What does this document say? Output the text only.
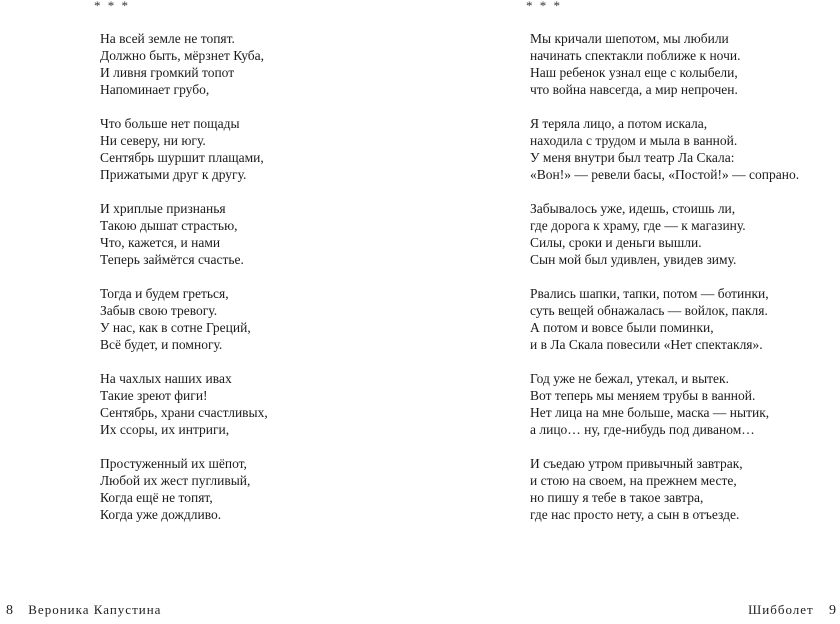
* * *
На всей земле не топят.
Должно быть, мёрзнет Куба,
И ливня громкий топот
Напоминает грубо,
Что больше нет пощады
Ни северу, ни югу.
Сентябрь шуршит плащами,
Прижатыми друг к другу.
И хриплые признанья
Такою дышат страстью,
Что, кажется, и нами
Теперь займётся счастье.
Тогда и будем греться,
Забыв свою тревогу.
У нас, как в сотне Греций,
Всё будет, и помногу.
На чахлых наших ивах
Такие зреют фиги!
Сентябрь, храни счастливых,
Их ссоры, их интриги,
Простуженный их шёпот,
Любой их жест пугливый,
Когда ещё не топят,
Когда уже дождливо.
8 Вероника Капустина
* * *
Мы кричали шепотом, мы любили
начинать спектакли поближе к ночи.
Наш ребенок узнал еще с колыбели,
что война навсегда, а мир непрочен.
Я теряла лицо, а потом искала,
находила с трудом и мыла в ванной.
У меня внутри был театр Ла Скала:
«Вон!» — ревели басы, «Постой!» — сопрано.
Забывалось уже, идешь, стоишь ли,
где дорога к храму, где — к магазину.
Силы, сроки и деньги вышли.
Сын мой был удивлен, увидев зиму.
Рвались шапки, тапки, потом — ботинки,
суть вещей обнажалась — войлок, пакля.
А потом и вовсе были поминки,
и в Ла Скала повесили «Нет спектакля».
Год уже не бежал, утекал, и вытек.
Вот теперь мы меняем трубы в ванной.
Нет лица на мне больше, маска — нытик,
а лицо… ну, где-нибудь под диваном…
И съедаю утром привычный завтрак,
и стою на своем, на прежнем месте,
но пишу я тебе в такое завтра,
где нас просто нету, а сын в отъезде.
Шибболет 9
